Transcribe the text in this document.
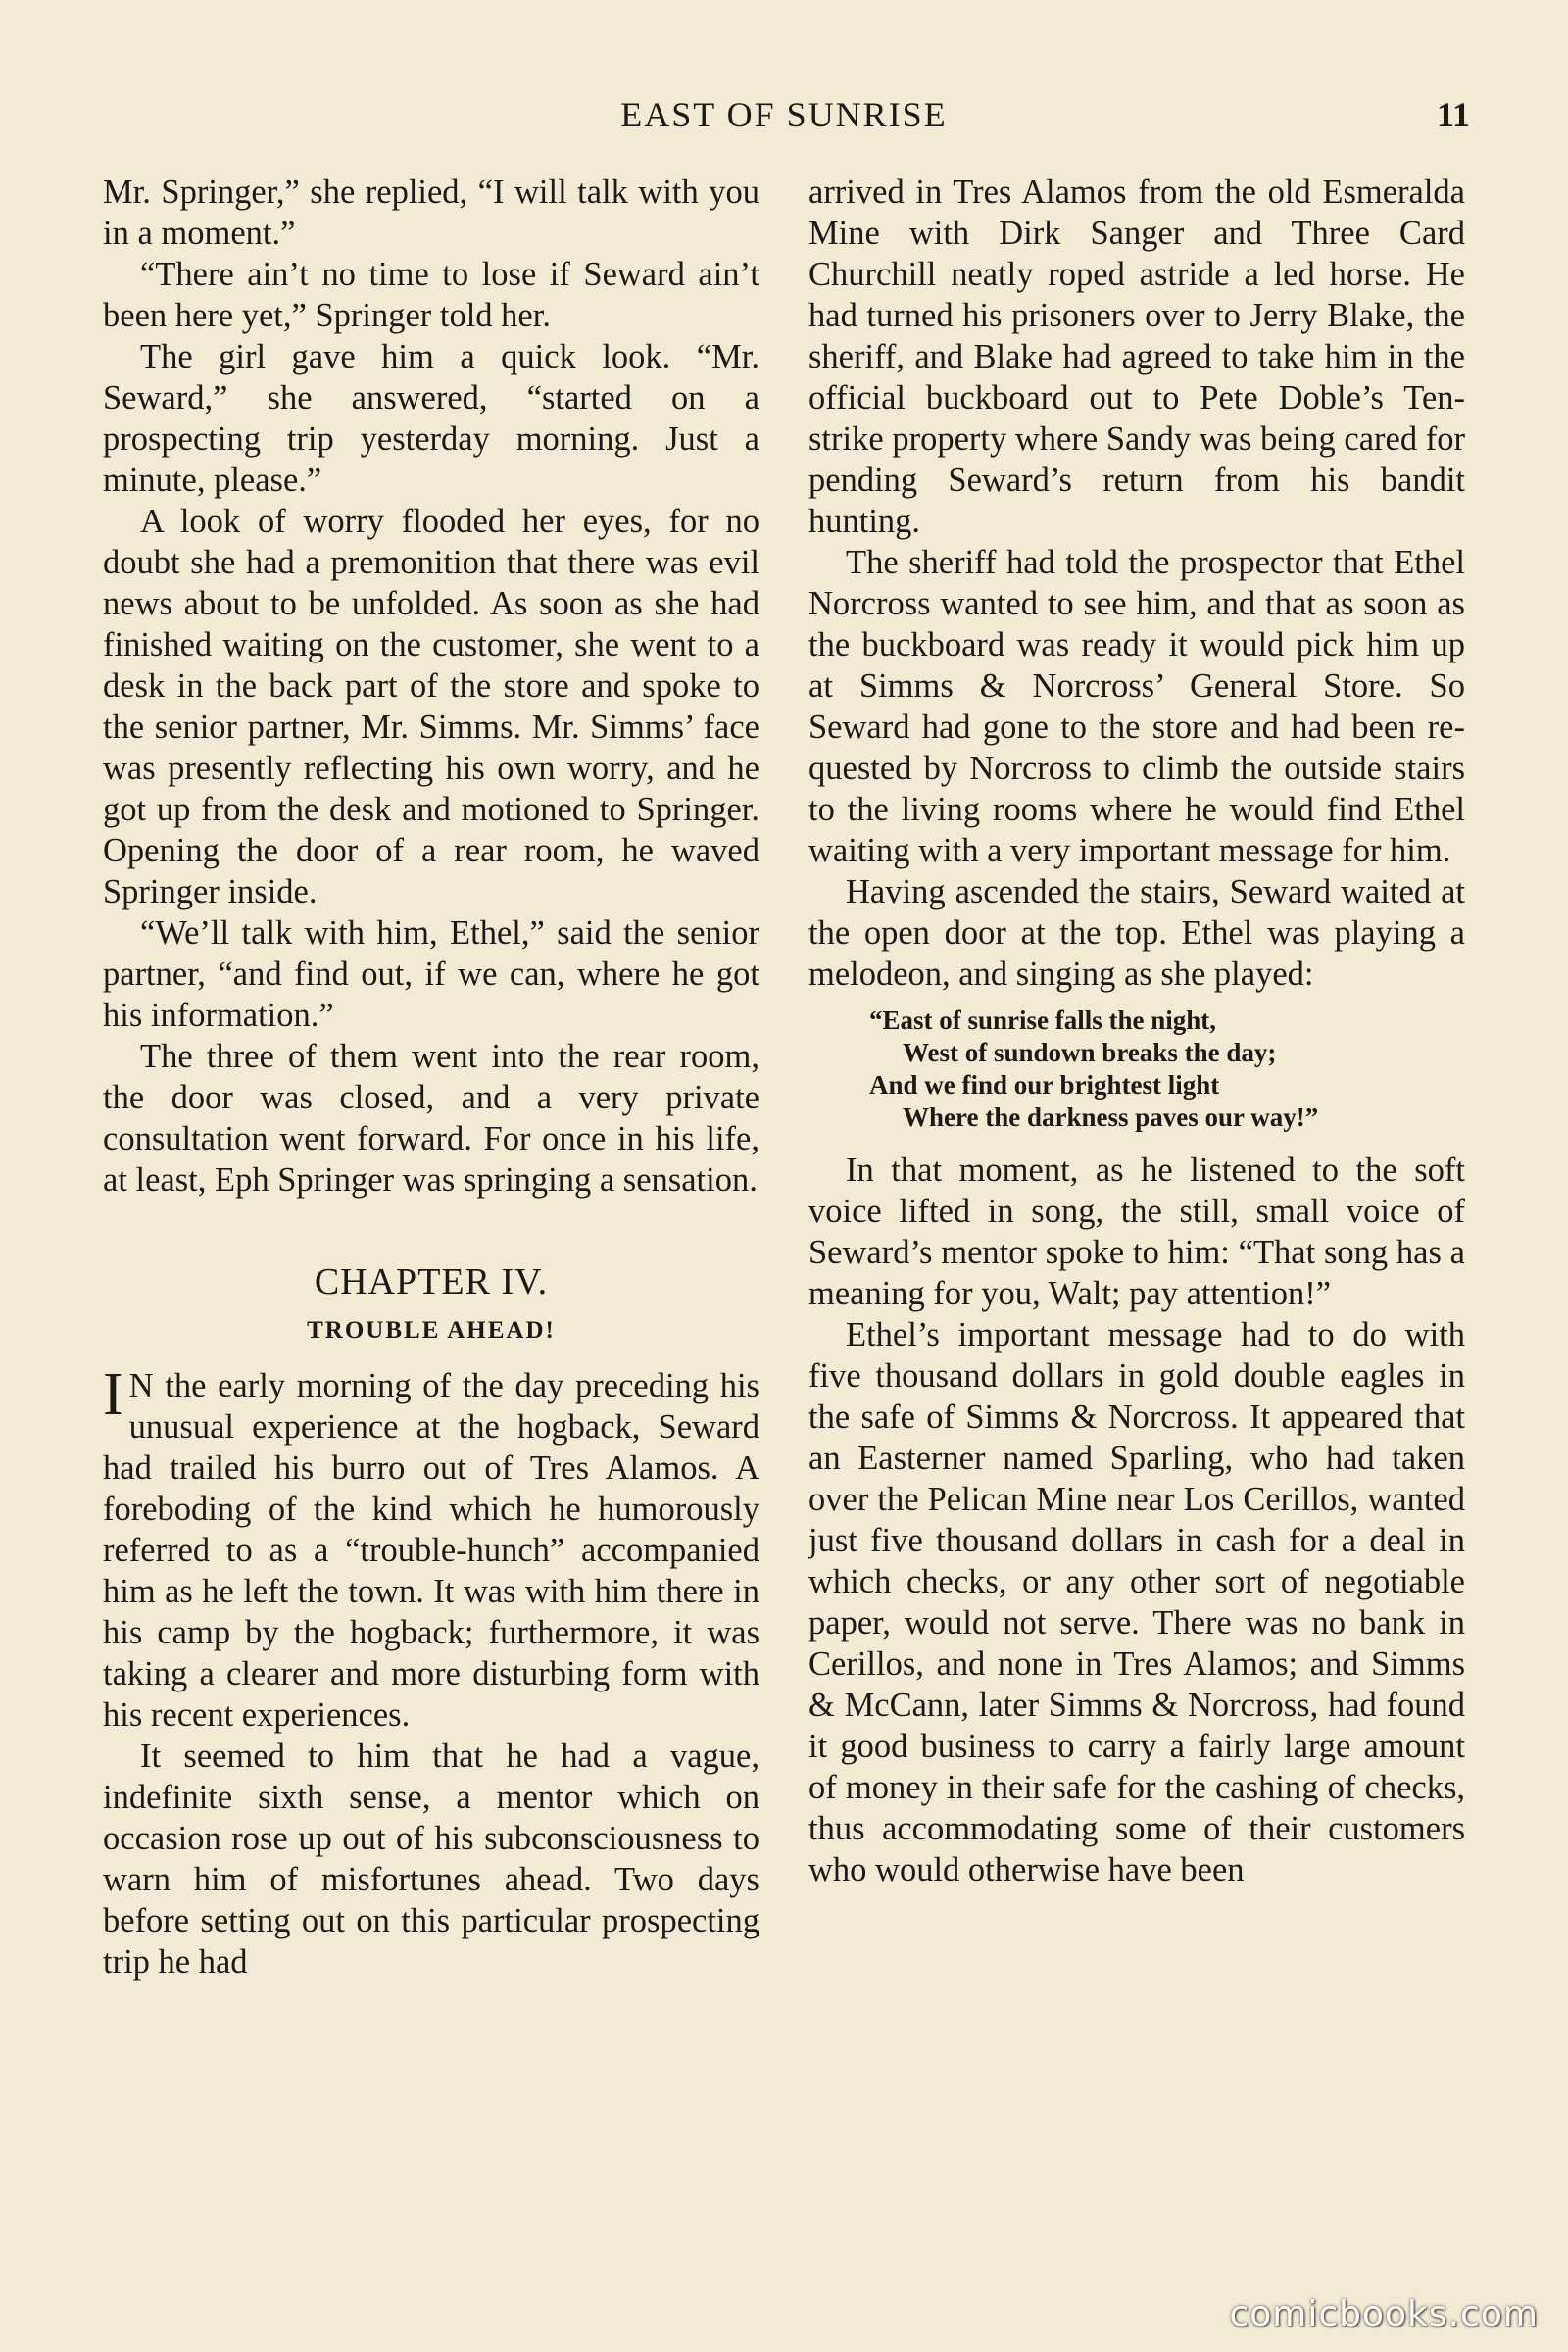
EAST OF SUNRISE	11

Mr. Springer,” she replied, “I will talk with you in a moment.”

“There ain’t no time to lose if Seward ain’t been here yet,” Springer told her.

The girl gave him a quick look. “Mr. Seward,” she answered, “started on a prospecting trip yesterday morning. Just a minute, please.”

A look of worry flooded her eyes, for no doubt she had a premonition that there was evil news about to be unfolded. As soon as she had finished waiting on the customer, she went to a desk in the back part of the store and spoke to the senior partner, Mr. Simms. Mr. Simms’ face was presently reflecting his own worry, and he got up from the desk and motioned to Springer. Opening the door of a rear room, he waved Springer inside.

“We’ll talk with him, Ethel,” said the senior partner, “and find out, if we can, where he got his information.”

The three of them went into the rear room, the door was closed, and a very private consultation went forward. For once in his life, at least, Eph Springer was springing a sensation.

CHAPTER IV.
TROUBLE AHEAD!

I N the early morning of the day preceding his unusual experience at the hogback, Seward had trailed his burro out of Tres Alamos. A foreboding of the kind which he humorously referred to as a “trouble-hunch” accompanied him as he left the town. It was with him there in his camp by the hogback; furthermore, it was taking a clearer and more disturbing form with his recent experiences.

It seemed to him that he had a vague, indefinite sixth sense, a mentor which on occasion rose up out of his subconsciousness to warn him of misfortunes ahead. Two days before setting out on this particular prospecting trip he had

arrived in Tres Alamos from the old Esmeralda Mine with Dirk Sanger and Three Card Churchill neatly roped astride a led horse. He had turned his prisoners over to Jerry Blake, the sheriff, and Blake had agreed to take him in the official buckboard out to Pete Doble’s Ten-strike property where Sandy was being cared for pending Seward’s return from his bandit hunting.

The sheriff had told the prospector that Ethel Norcross wanted to see him, and that as soon as the buckboard was ready it would pick him up at Simms & Norcross’ General Store. So Seward had gone to the store and had been requested by Norcross to climb the outside stairs to the living rooms where he would find Ethel waiting with a very important message for him.

Having ascended the stairs, Seward waited at the open door at the top. Ethel was playing a melodeon, and singing as she played:

“East of sunrise falls the night,
West of sundown breaks the day;
And we find our brightest light
Where the darkness paves our way!”

In that moment, as he listened to the soft voice lifted in song, the still, small voice of Seward’s mentor spoke to him: “That song has a meaning for you, Walt; pay attention!”

Ethel’s important message had to do with five thousand dollars in gold double eagles in the safe of Simms & Norcross. It appeared that an Easterner named Sparling, who had taken over the Pelican Mine near Los Cerillos, wanted just five thousand dollars in cash for a deal in which checks, or any other sort of negotiable paper, would not serve. There was no bank in Cerillos, and none in Tres Alamos; and Simms & McCann, later Simms & Norcross, had found it good business to carry a fairly large amount of money in their safe for the cashing of checks, thus accommodating some of their customers who would otherwise have been

comicbooks.com
